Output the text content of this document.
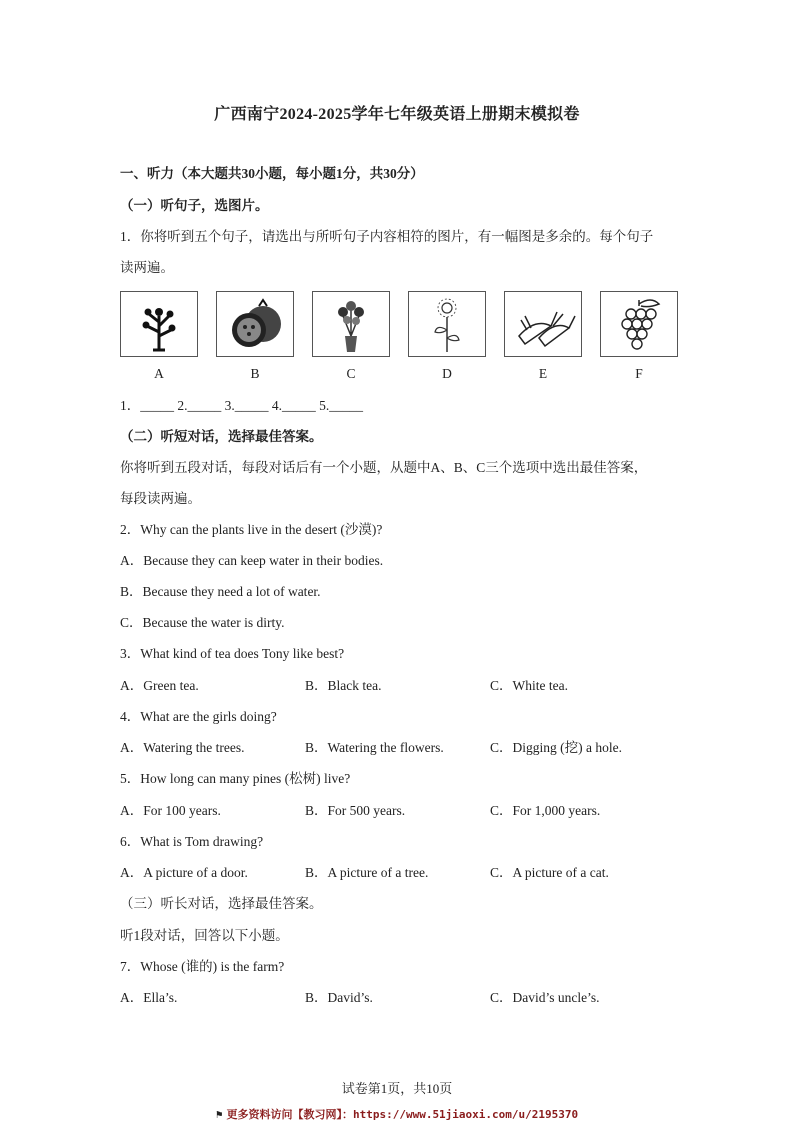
广西南宁2024-2025学年七年级英语上册期末模拟卷
一、听力（本大题共30小题，每小题1分，共30分）
（一）听句子，选图片。
1．你将听到五个句子，请选出与所听句子内容相符的图片，有一幅图是多余的。每个句子
读两遍。
A	B	C	D	E	F
1．_____ 2._____ 3._____ 4._____ 5._____
（二）听短对话，选择最佳答案。
你将听到五段对话，每段对话后有一个小题，从题中A、B、C三个选项中选出最佳答案，
每段读两遍。
2．Why can the plants live in the desert (沙漠)?
A．Because they can keep water in their bodies.
B．Because they need a lot of water.
C．Because the water is dirty.
3．What kind of tea does Tony like best?
A．Green tea.	B．Black tea.	C．White tea.
4．What are the girls doing?
A．Watering the trees.	B．Watering the flowers.	C．Digging (挖) a hole.
5．How long can many pines (松树) live?
A．For 100 years.	B．For 500 years.	C．For 1,000 years.
6．What is Tom drawing?
A．A picture of a door.	B．A picture of a tree.	C．A picture of a cat.
（三）听长对话，选择最佳答案。
听1段对话，回答以下小题。
7．Whose (谁的) is the farm?
A．Ella’s.	B．David’s.	C．David’s uncle’s.
试卷第1页，共10页
⚑ 更多资料访问【教习网】：https://www.51jiaoxi.com/u/2195370
